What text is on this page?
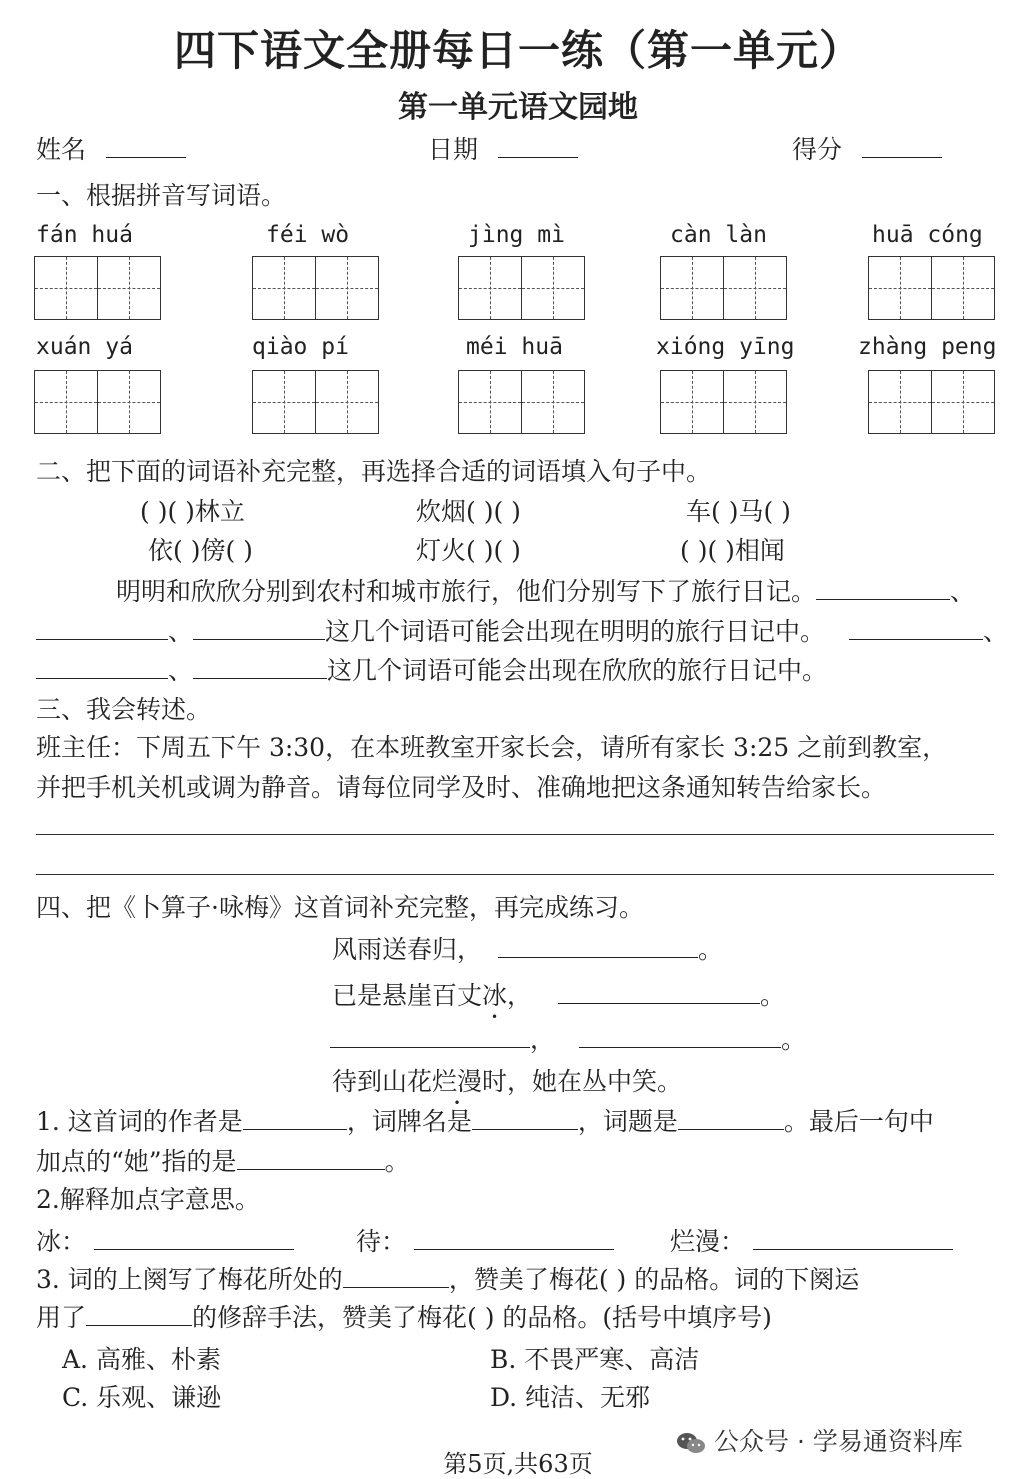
四下语文全册每日一练（第一单元）
第一单元语文园地
姓名	日期	得分
一、根据拼音写词语。
fán huá	féi wò	jìng mì	càn làn	huā cóng
xuán yá	qiào pí	méi huā	xióng yīng	zhàng peng
二、把下面的词语补充完整，再选择合适的词语填入句子中。
( )( )林立	炊烟( )( )	车( )马( )
依( )傍( )	灯火( )( )	( )( )相闻
明明和欣欣分别到农村和城市旅行，他们分别写下了旅行日记。	、
、	这几个词语可能会出现在明明的旅行日记中。	、
、	这几个词语可能会出现在欣欣的旅行日记中。
三、我会转述。
班主任：下周五下午 3:30，在本班教室开家长会，请所有家长 3:25 之前到教室，
并把手机关机或调为静音。请每位同学及时、准确地把这条通知转告给家长。
四、把《卜算子·咏梅》这首词补充完整，再完成练习。
风雨送春归，	。
已是悬崖百丈冰，	。
，	。
待到山花烂漫时，她在丛中笑。
1. 这首词的作者是	，词牌名是	，词题是	。最后一句中
加点的“她”指的是	。
2.解释加点字意思。
冰：	待：	烂漫：
3. 词的上阕写了梅花所处的	，赞美了梅花( ) 的品格。词的下阕运
用了	的修辞手法，赞美了梅花( ) 的品格。(括号中填序号)
A. 高雅、朴素	B. 不畏严寒、高洁
C. 乐观、谦逊	D. 纯洁、无邪
公众号 · 学易通资料库
第5页,共63页
